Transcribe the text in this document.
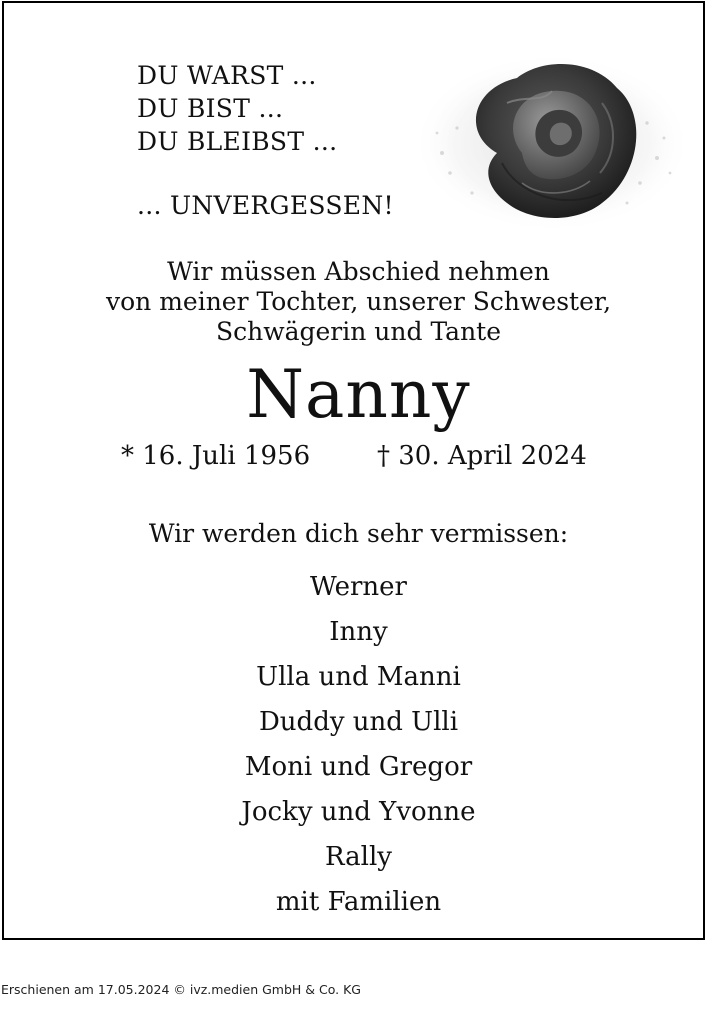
DU WARST ...
DU BIST ...
DU BLEIBST ...
... UNVERGESSEN!
Wir müssen Abschied nehmen
von meiner Tochter, unserer Schwester,
Schwägerin und Tante
Nanny
* 16. Juli 1956	† 30. April 2024
Wir werden dich sehr vermissen:
Werner
Inny
Ulla und Manni
Duddy und Ulli
Moni und Gregor
Jocky und Yvonne
Rally
mit Familien
Erschienen am 17.05.2024 © ivz.medien GmbH & Co. KG
